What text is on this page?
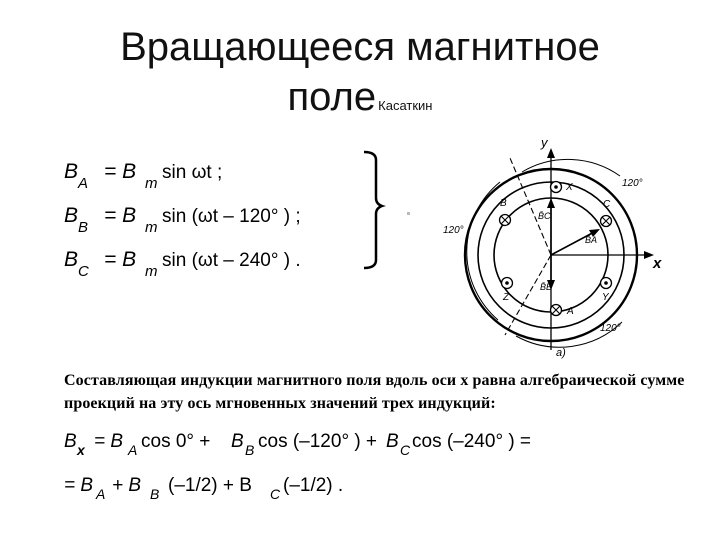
Вращающееся магнитное
поле Касаткин
B
A
= B
m
sin ωt ;
B
B
= B
m
sin (ωt – 120° ) ;
B
C
= B
m
sin (ωt – 240° ) .
y
x
120°
120°
120°
X
B	C
Z	Y
A
B̄C
B̄A
B̄B
a)
Составляющая индукции магнитного поля вдоль оси x равна алгебраической сумме проекций на эту ось мгновенных значений трех индукций:
B x = B A cos 0° + B B cos (–120° ) + B C cos (–240° ) =
= B A + B B (–1/2) + B C (–1/2) .
